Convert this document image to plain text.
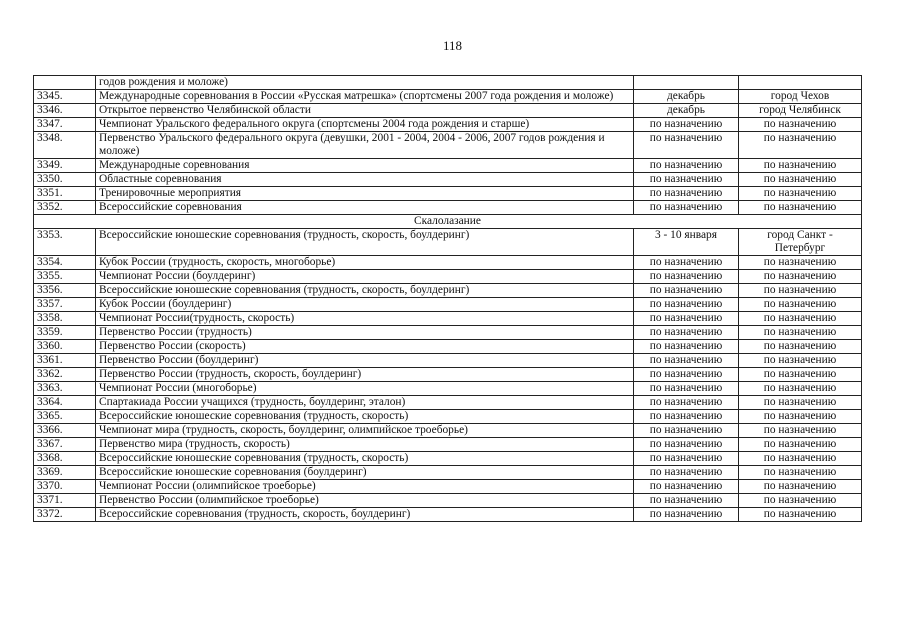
118
	годов рождения и моложе)		
3345.	Международные соревнования в России «Русская матрешка» (спортсмены 2007 года рождения и моложе)	декабрь	город Чехов
3346.	Открытое первенство Челябинской области	декабрь	город Челябинск
3347.	Чемпионат Уральского федерального округа (спортсмены 2004 года рождения и старше)	по назначению	по назначению
3348.	Первенство Уральского федерального округа (девушки, 2001 - 2004, 2004 - 2006, 2007 годов рождения и моложе)	по назначению	по назначению
3349.	Международные соревнования	по назначению	по назначению
3350.	Областные соревнования	по назначению	по назначению
3351.	Тренировочные мероприятия	по назначению	по назначению
3352.	Всероссийские соревнования	по назначению	по назначению
Скалолазание			
3353.	Всероссийские юношеские соревнования (трудность, скорость, боулдеринг)	3 - 10 января	город Санкт - Петербург
3354.	Кубок России (трудность, скорость, многоборье)	по назначению	по назначению
3355.	Чемпионат России (боулдеринг)	по назначению	по назначению
3356.	Всероссийские юношеские соревнования (трудность, скорость, боулдеринг)	по назначению	по назначению
3357.	Кубок России (боулдеринг)	по назначению	по назначению
3358.	Чемпионат России(трудность, скорость)	по назначению	по назначению
3359.	Первенство России (трудность)	по назначению	по назначению
3360.	Первенство России (скорость)	по назначению	по назначению
3361.	Первенство России (боулдеринг)	по назначению	по назначению
3362.	Первенство России (трудность, скорость, боулдеринг)	по назначению	по назначению
3363.	Чемпионат России (многоборье)	по назначению	по назначению
3364.	Спартакиада России учащихся (трудность, боулдеринг, эталон)	по назначению	по назначению
3365.	Всероссийские юношеские соревнования (трудность, скорость)	по назначению	по назначению
3366.	Чемпионат мира (трудность, скорость, боулдеринг, олимпийское троеборье)	по назначению	по назначению
3367.	Первенство мира (трудность, скорость)	по назначению	по назначению
3368.	Всероссийские юношеские соревнования (трудность, скорость)	по назначению	по назначению
3369.	Всероссийские юношеские соревнования (боулдеринг)	по назначению	по назначению
3370.	Чемпионат России (олимпийское троеборье)	по назначению	по назначению
3371.	Первенство России (олимпийское троеборье)	по назначению	по назначению
3372.	Всероссийские соревнования (трудность, скорость, боулдеринг)	по назначению	по назначению
